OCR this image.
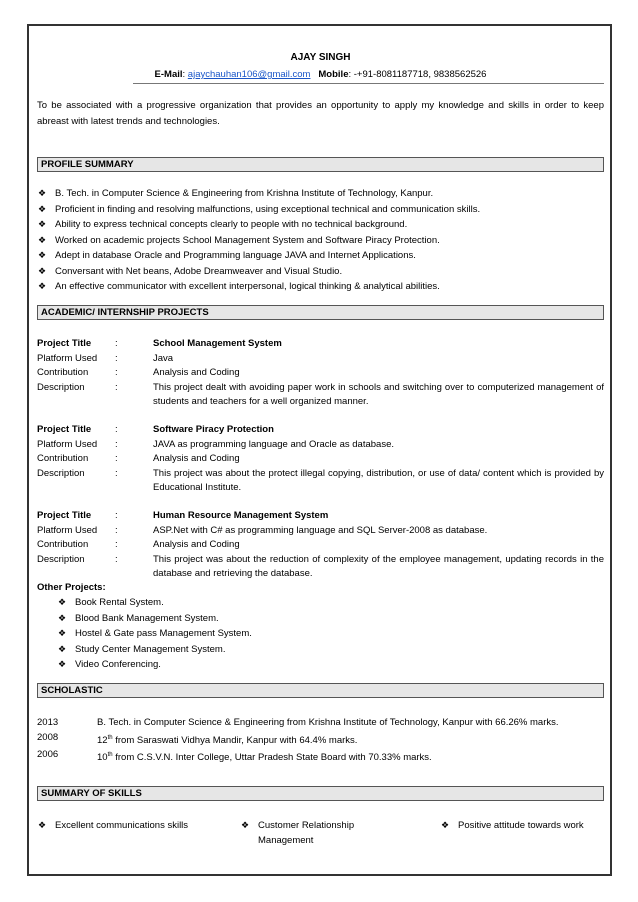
AJAY SINGH
E-Mail: ajaychauhan106@gmail.com Mobile: -+91-8081187718, 9838562526
To be associated with a progressive organization that provides an opportunity to apply my knowledge and skills in order to keep abreast with latest trends and technologies.
PROFILE SUMMARY
❖ B. Tech. in Computer Science & Engineering from Krishna Institute of Technology, Kanpur.
❖ Proficient in finding and resolving malfunctions, using exceptional technical and communication skills.
❖ Ability to express technical concepts clearly to people with no technical background.
❖ Worked on academic projects School Management System and Software Piracy Protection.
❖ Adept in database Oracle and Programming language JAVA and Internet Applications.
❖ Conversant with Net beans, Adobe Dreamweaver and Visual Studio.
❖ An effective communicator with excellent interpersonal, logical thinking & analytical abilities.
ACADEMIC/ INTERNSHIP PROJECTS
Project Title	:	School Management System
Platform Used	:	Java
Contribution	:	Analysis and Coding
Description	:	This project dealt with avoiding paper work in schools and switching over to computerized management of students and teachers for a well organized manner.
Project Title	:	Software Piracy Protection
Platform Used	:	JAVA as programming language and Oracle as database.
Contribution	:	Analysis and Coding
Description	:	This project was about the protect illegal copying, distribution, or use of data/ content which is provided by Educational Institute.
Project Title	:	Human Resource Management System
Platform Used	:	ASP.Net with C# as programming language and SQL Server-2008 as database.
Contribution	:	Analysis and Coding
Description	:	This project was about the reduction of complexity of the employee management, updating records in the database and retrieving the database.
Other Projects:
❖ Book Rental System.
❖ Blood Bank Management System.
❖ Hostel & Gate pass Management System.
❖ Study Center Management System.
❖ Video Conferencing.
SCHOLASTIC
2013	B. Tech. in Computer Science & Engineering from Krishna Institute of Technology, Kanpur with 66.26% marks.
2008	12th from Saraswati Vidhya Mandir, Kanpur with 64.4% marks.
2006	10th from C.S.V.N. Inter College, Uttar Pradesh State Board with 70.33% marks.
SUMMARY OF SKILLS
❖ Excellent communications skills	❖ Customer Relationship Management
❖ Positive attitude towards work
